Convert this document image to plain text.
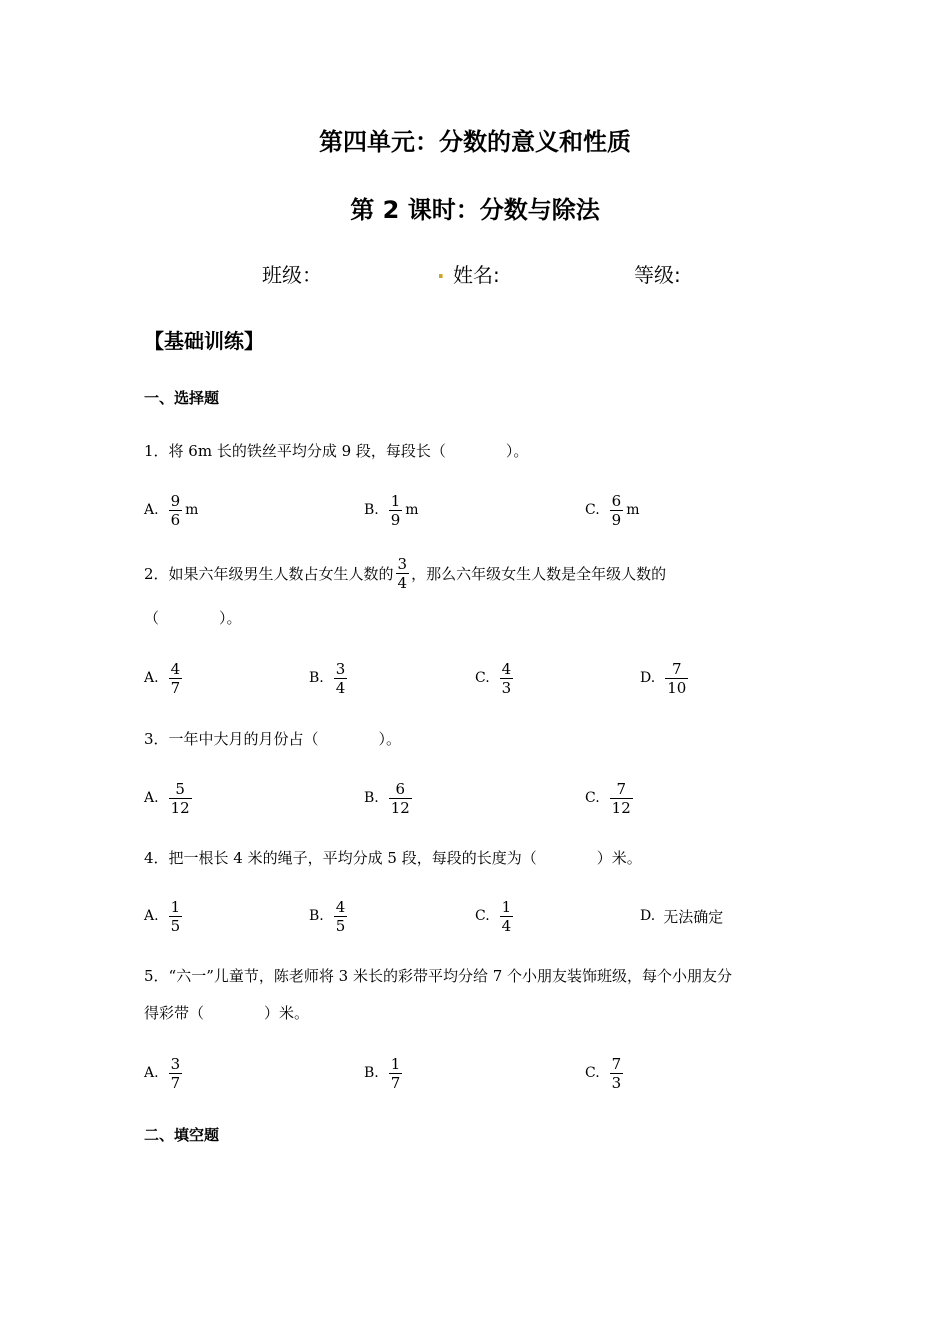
第四单元：分数的意义和性质
第 2 课时：分数与除法
班级：	. 姓名:	等级:
【基础训练】
一、选择题
1．将 6m 长的铁丝平均分成 9 段，每段长（　　　　）。
A. $\frac{9}{6}$ m	B. $\frac{1}{9}$ m	C. $\frac{6}{9}$ m
2．如果六年级男生人数占女生人数的 $\frac{3}{4}$ ，那么六年级女生人数是全年级人数的
（　　　　）。
A. $\frac{4}{7}$	B. $\frac{3}{4}$	C. $\frac{4}{3}$	D. $\frac{7}{10}$
3．一年中大月的月份占（　　　　）。
A. $\frac{5}{12}$	B. $\frac{6}{12}$	C. $\frac{7}{12}$
4．把一根长 4 米的绳子，平均分成 5 段，每段的长度为（　　　　）米。
A. $\frac{1}{5}$	B. $\frac{4}{5}$	C. $\frac{1}{4}$	D. 无法确定
5．“六一”儿童节，陈老师将 3 米长的彩带平均分给 7 个小朋友装饰班级，每个小朋友分
得彩带（　　　　）米。
A. $\frac{3}{7}$	B. $\frac{1}{7}$	C. $\frac{7}{3}$
二、填空题
